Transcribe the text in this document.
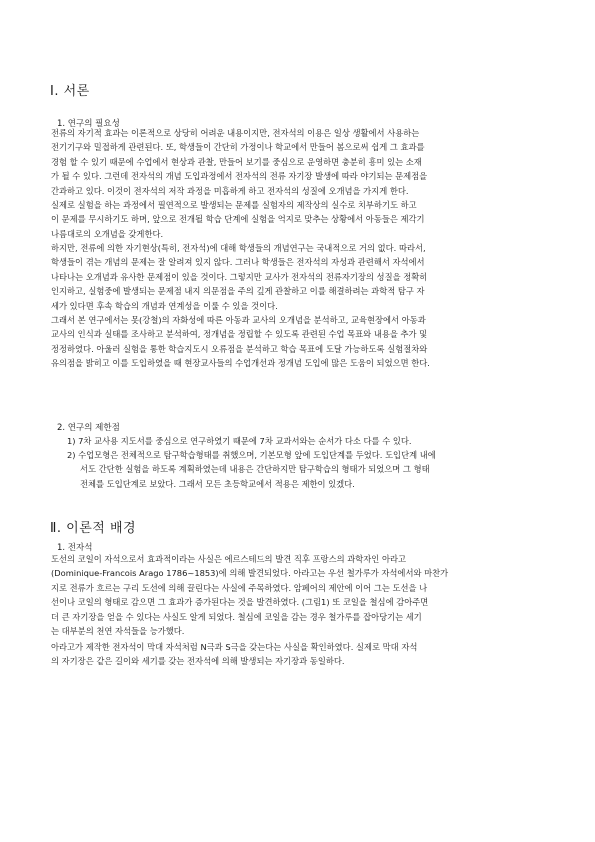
Ⅰ. 서론
1. 연구의 필요성
전류의 자기적 효과는 이론적으로 상당히 어려운 내용이지만, 전자석의 이용은 일상 생활에서 사용하는
전기기구와 밀접하게 관련된다. 또, 학생들이 간단히 가정이나 학교에서 만들어 봄으로써 쉽게 그 효과를
경험 할 수 있기 때문에 수업에서 현상과 관찰, 만들어 보기를 중심으로 운영하면 충분히 흥미 있는 소재
가 될 수 있다. 그런데 전자석의 개념 도입과정에서 전자석의 전류 자기장 발생에 따라 야기되는 문제점을
간과하고 있다. 이것이 전자석의 저작 과정을 미흡하게 하고 전자석의 성질에 오개념을 가지게 한다.
실제로 실험을 하는 과정에서 필연적으로 발생되는 문제를 실험자의 제작상의 실수로 치부하기도 하고
이 문제를 무시하기도 하며, 앞으로 전개될 학습 단계에 실험을 억지로 맞추는 상황에서 아동들은 제각기
나름대로의 오개념을 갖게한다.
하지만, 전류에 의한 자기현상(특히, 전자석)에 대해 학생들의 개념연구는 국내적으로 거의 없다. 따라서,
학생들이 겪는 개념의 문제는 잘 알려져 있지 않다. 그러나 학생들은 전자석의 자성과 관련해서 자석에서
나타나는 오개념과 유사한 문제점이 있을 것이다. 그렇지만 교사가 전자석의 전류자기장의 성질을 정확히
인지하고, 실험중에 발생되는 문제점 내지 의문점을 주의 깊게 관찰하고 이를 해결하려는 과학적 탐구 자
세가 있다면 후속 학습의 개념과 연계성을 이룰 수 있을 것이다.
그래서 본 연구에서는 못(강철)의 자화성에 따른 아동과 교사의 오개념을 분석하고, 교육현장에서 아동과
교사의 인식과 실태를 조사하고 분석하여, 정개념을 정립할 수 있도록 관련된 수업 목표와 내용을 추가 및
정정하였다. 아울러 실험을 통한 학습지도시 오류점을 분석하고 학습 목표에 도달 가능하도록 실험절차와
유의점을 밝히고 이를 도입하였을 때 현장교사들의 수업개선과 정개념 도입에 많은 도움이 되었으면 한다.
2. 연구의 제한점
1) 7차 교사용 지도서를 중심으로 연구하였기 때문에 7차 교과서와는 순서가 다소 다를 수 있다.
2) 수업모형은 전체적으로 탐구학습형태를 취했으며, 기본모형 앞에 도입단계를 두었다. 도입단계 내에
서도 간단한 실험을 하도록 계획하였는데 내용은 간단하지만 탐구학습의 형태가 되었으며 그 형태
전체를 도입단계로 보았다. 그래서 모든 초등학교에서 적용은 제한이 있겠다.
Ⅱ. 이론적 배경
1. 전자석
도선의 코일이 자석으로서 효과적이라는 사실은 에르스테드의 발견 직후 프랑스의 과학자인 아라고
(Dominique-Francois Arago 1786~1853)에 의해 발견되었다. 아라고는 우선 철가루가 자석에서와 마찬가
지로 전류가 흐르는 구리 도선에 의해 끌린다는 사실에 주목하였다. 암페어의 제안에 이어 그는 도선을 나
선이나 코일의 형태로 감으면 그 효과가 증가된다는 것을 발견하였다. (그림1) 또 코일을 철심에 감아주면
더 큰 자기장을 얻을 수 있다는 사실도 알게 되었다. 철심에 코일을 감는 경우 철가루를 잡아당기는 세기
는 대부분의 천연 자석들을 능가했다.
아라고가 제작한 전자석이 막대 자석처럼 N극과 S극을 갖는다는 사실을 확인하였다. 실제로 막대 자석
의 자기장은 같은 길이와 세기를 갖는 전자석에 의해 발생되는 자기장과 동일하다.
